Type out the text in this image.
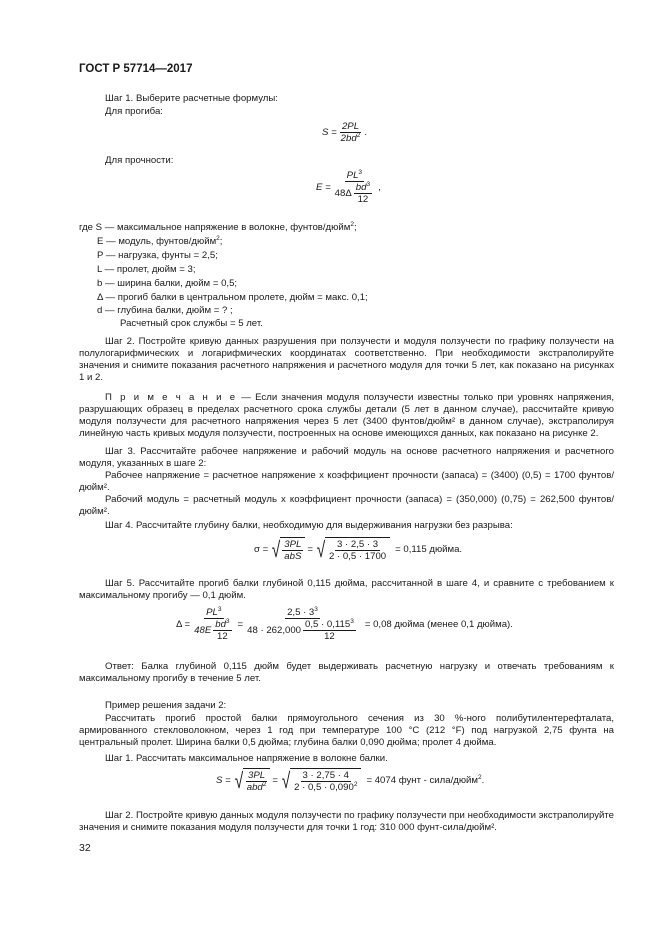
ГОСТ Р 57714—2017
Шаг 1. Выберите расчетные формулы:
Для прогиба:
$S = \frac{2PL}{2bd^2}$ .
Для прочности:
$E = PL^3$
48Δ
$bd^3$
12 ,
где S — максимальное напряжение в волокне, фунтов/дюйм$^2$;
E — модуль, фунтов/дюйм$^2$;
P — нагрузка, фунты = 2,5;
L — пролет, дюйм = 3;
b — ширина балки, дюйм = 0,5;
Δ — прогиб балки в центральном пролете, дюйм = макс. 0,1;
d — глубина балки, дюйм = ? ;
Расчетный срок службы = 5 лет.
Шаг 2. Постройте кривую данных разрушения при ползучести и модуля ползучести по графику ползучести на полулогарифмических и логарифмических координатах соответственно. При необходимости экстраполируйте значения и снимите показания расчетного напряжения и расчетного модуля для точки 5 лет, как показано на рисунках 1 и 2.
П р и м е ч а н и е — Если значения модуля ползучести известны только при уровнях напряжения, разрушающих образец в пределах расчетного срока службы детали (5 лет в данном случае), рассчитайте кривую модуля ползучести для расчетного напряжения через 5 лет (3400 фунтов/дюйм² в данном случае), экстраполируя линейную часть кривых модуля ползучести, построенных на основе имеющихся данных, как показано на рисунке 2.
Шаг 3. Рассчитайте рабочее напряжение и рабочий модуль на основе расчетного напряжения и расчетного модуля, указанных в шаге 2:
Рабочее напряжение = расчетное напряжение х коэффициент прочности (запаса) = (3400) (0,5) = 1700 фунтов/дюйм².
Рабочий модуль = расчетный модуль х коэффициент прочности (запаса) = (350,000) (0,75) = 262,500 фунтов/дюйм².
Шаг 4. Рассчитайте глубину балки, необходимую для выдерживания нагрузки без разрыва:
σ = √ 3PL
abS
= √ $\frac{3 \cdot 2,5 \cdot 3}{2 \cdot 0,5 \cdot 1700} = 0,115$ дюйма.
Шаг 5. Рассчитайте прогиб балки глубиной 0,115 дюйма, рассчитанной в шаге 4, и сравните с требованием к максимальному прогибу — 0,1 дюйм.
$\Delta = PL^3$
48E
$bd^3$
$12 = 2,5 \cdot 3^3$
48 · 262,000
$0,5 \cdot 0,115^3$
12 = 0,08 дюйма (менее 0,1 дюйма).
Ответ: Балка глубиной 0,115 дюйм будет выдерживать расчетную нагрузку и отвечать требованиям к максимальному прогибу в течение 5 лет.
Пример решения задачи 2:
Рассчитать прогиб простой балки прямоугольного сечения из 30 %-ного полибутилентерефталата, армированного стекловолокном, через 1 год при температуре 100 °C (212 °F) под нагрузкой 2,75 фунта на центральный пролет. Ширина балки 0,5 дюйма; глубина балки 0,090 дюйма; пролет 4 дюйма.
Шаг 1. Рассчитать максимальное напряжение в волокне балки.
S = √ 3PL
abd$^2$ = √ $\frac{3 \cdot 2,75 \cdot 4}{2 \cdot 0,5 \cdot 0,090^2} = 4074$ фунт - сила/дюйм$^2$.
Шаг 2. Постройте кривую данных модуля ползучести по графику ползучести при необходимости экстраполируйте значения и снимите показания модуля ползучести для точки 1 год: 310 000 фунт-сила/дюйм².
32
